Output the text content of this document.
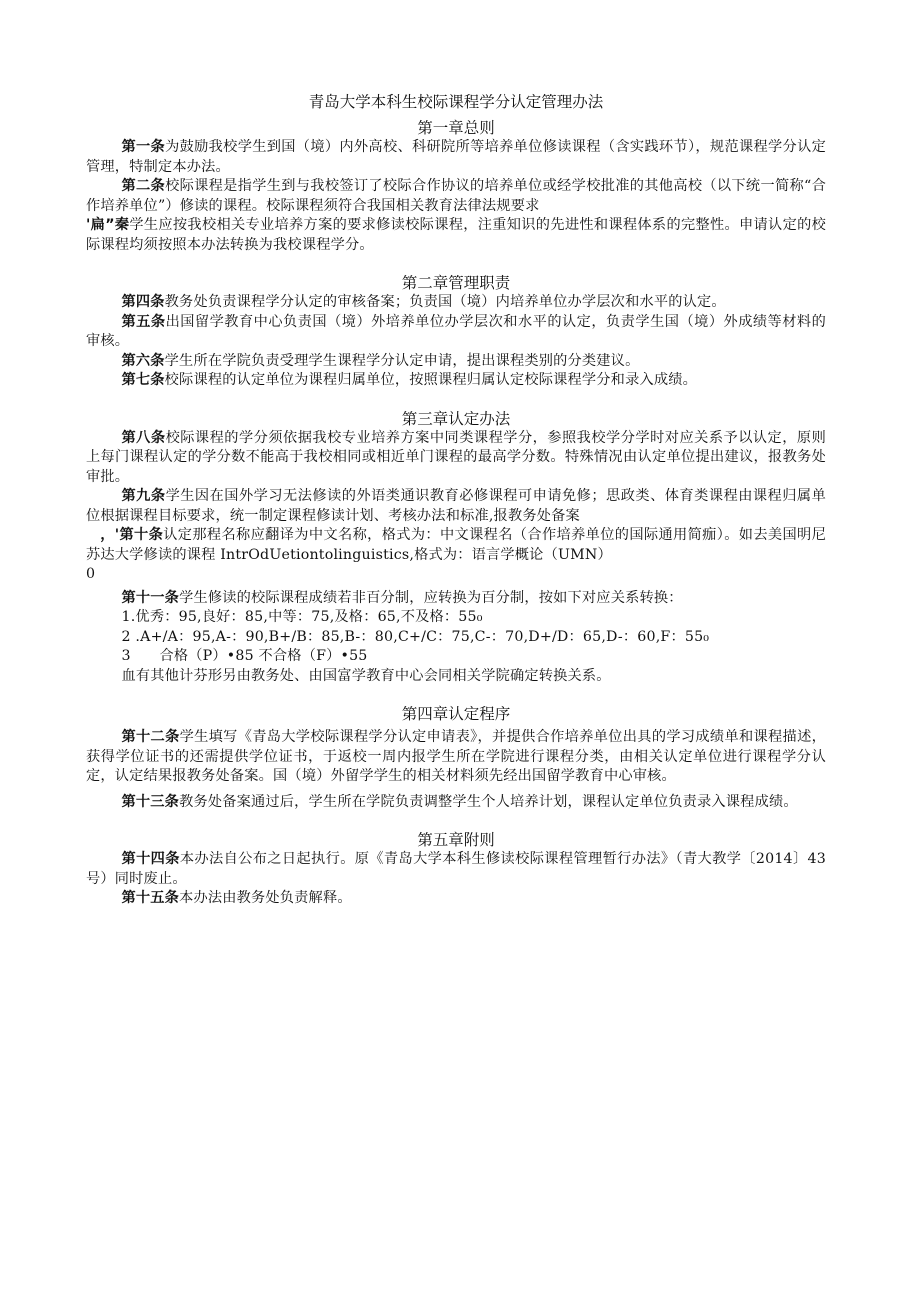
青岛大学本科生校际课程学分认定管理办法
第一章总则

第一条为鼓励我校学生到国（境）内外高校、科研院所等培养单位修读课程（含实践环节），规范课程学分认定管理，特制定本办法。

第二条校际课程是指学生到与我校签订了校际合作协议的培养单位或经学校批准的其他高校（以下统一简称“合作培养单位”）修读的课程。校际课程须符合我国相关教育法律法规要求

'扁”秦学生应按我校相关专业培养方案的要求修读校际课程，注重知识的先进性和课程体系的完整性。申请认定的校际课程均须按照本办法转换为我校课程学分。

第二章管理职责

第四条教务处负责课程学分认定的审核备案；负责国（境）内培养单位办学层次和水平的认定。

第五条出国留学教育中心负责国（境）外培养单位办学层次和水平的认定，负责学生国（境）外成绩等材料的审核。

第六条学生所在学院负责受理学生课程学分认定申请，提出课程类别的分类建议。

第七条校际课程的认定单位为课程归属单位，按照课程归属认定校际课程学分和录入成绩。

第三章认定办法

第八条校际课程的学分须依据我校专业培养方案中同类课程学分，参照我校学分学时对应关系予以认定，原则上每门课程认定的学分数不能高于我校相同或相近单门课程的最高学分数。特殊情况由认定单位提出建议，报教务处审批。

第九条学生因在国外学习无法修读的外语类通识教育必修课程可申请免修；思政类、体育类课程由课程归属单位根据课程目标要求，统一制定课程修读计划、考核办法和标准,报教务处备案

，'第十条认定那程名称应翻译为中文名称，格式为：中文课程名（合作培养单位的国际通用简痂）。如去美国明尼苏达大学修读的课程 IntrOdUetiontolinguistics,格式为：语言学概论（UMN）

0

第十一条学生修读的校际课程成绩若非百分制，应转换为百分制，按如下对应关系转换：

1.优秀：95,良好：85,中等：75,及格：65,不及格：55₀

2 .A+/A：95,A-：90,B+/B：85,B-：80,C+/C：75,C-：70,D+/D：65,D-：60,F：55₀

3　　合格（P）•85 不合格（F）•55

血有其他计芬形另由教务处、由国富学教育中心会同相关学院确定转换关系。

第四章认定程序

第十二条学生填写《青岛大学校际课程学分认定申请表》，并提供合作培养单位出具的学习成绩单和课程描述，获得学位证书的还需提供学位证书，于返校一周内报学生所在学院进行课程分类，由相关认定单位进行课程学分认定，认定结果报教务处备案。国（境）外留学学生的相关材料须先经出国留学教育中心审核。

第十三条教务处备案通过后，学生所在学院负责调整学生个人培养计划，课程认定单位负责录入课程成绩。

第五章附则

第十四条本办法自公布之日起执行。原《青岛大学本科生修读校际课程管理暂行办法》（青大教学〔2014〕43号）同时废止。

第十五条本办法由教务处负责解释。
